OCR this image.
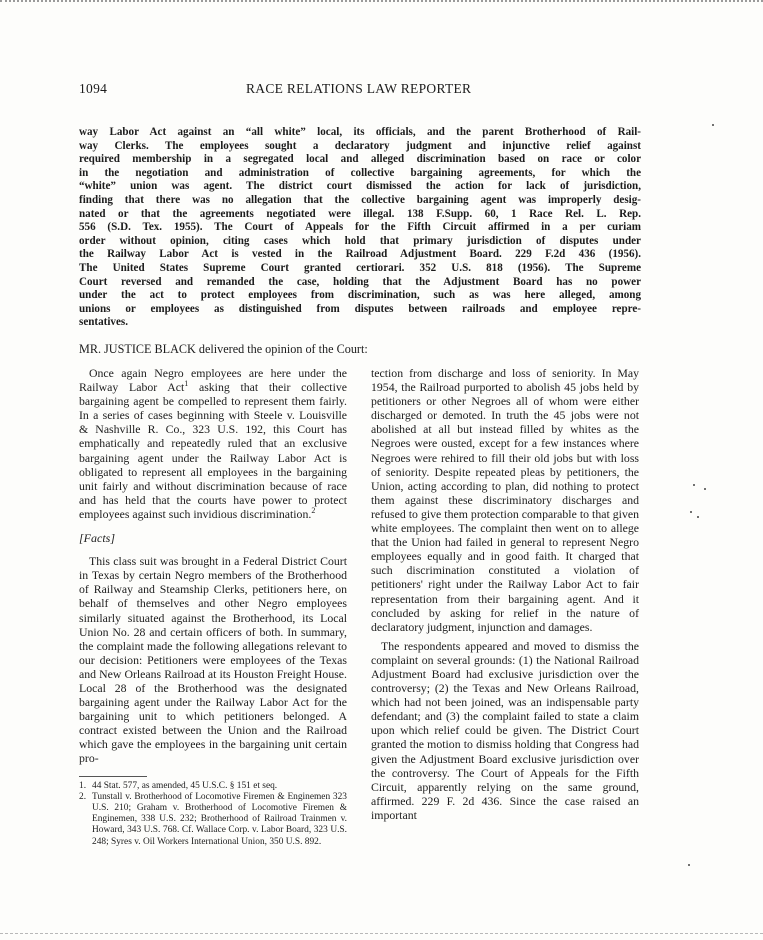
1094	RACE RELATIONS LAW REPORTER
way Labor Act against an “all white” local, its officials, and the parent Brotherhood of Rail-
way Clerks. The employees sought a declaratory judgment and injunctive relief against
required membership in a segregated local and alleged discrimination based on race or color
in the negotiation and administration of collective bargaining agreements, for which the
“white” union was agent. The district court dismissed the action for lack of jurisdiction,
finding that there was no allegation that the collective bargaining agent was improperly desig-
nated or that the agreements negotiated were illegal. 138 F.Supp. 60, 1 Race Rel. L. Rep.
556 (S.D. Tex. 1955). The Court of Appeals for the Fifth Circuit affirmed in a per curiam
order without opinion, citing cases which hold that primary jurisdiction of disputes under
the Railway Labor Act is vested in the Railroad Adjustment Board. 229 F.2d 436 (1956).
The United States Supreme Court granted certiorari. 352 U.S. 818 (1956). The Supreme
Court reversed and remanded the case, holding that the Adjustment Board has no power
under the act to protect employees from discrimination, such as was here alleged, among
unions or employees as distinguished from disputes between railroads and employee repre-
sentatives.
MR. JUSTICE BLACK delivered the opinion of the Court:

Once again Negro employees are here under the Railway Labor Act$^1$ asking that their collective bargaining agent be compelled to represent them fairly. In a series of cases beginning with Steele v. Louisville & Nashville R. Co., 323 U.S. 192, this Court has emphatically and repeatedly ruled that an exclusive bargaining agent under the Railway Labor Act is obligated to represent all employees in the bargaining unit fairly and without discrimination because of race and has held that the courts have power to protect employees against such invidious discrimination.$^2$

[Facts]

This class suit was brought in a Federal District Court in Texas by certain Negro members of the Brotherhood of Railway and Steamship Clerks, petitioners here, on behalf of themselves and other Negro employees similarly situated against the Brotherhood, its Local Union No. 28 and certain officers of both. In summary, the complaint made the following allegations relevant to our decision: Petitioners were employees of the Texas and New Orleans Railroad at its Houston Freight House. Local 28 of the Brotherhood was the designated bargaining agent under the Railway Labor Act for the bargaining unit to which petitioners belonged. A contract existed between the Union and the Railroad which gave the employees in the bargaining unit certain pro-

1. 44 Stat. 577, as amended, 45 U.S.C. § 151 et seq.
2. Tunstall v. Brotherhood of Locomotive Firemen & Enginemen 323 U.S. 210; Graham v. Brotherhood of Locomotive Firemen & Enginemen, 338 U.S. 232; Brotherhood of Railroad Trainmen v. Howard, 343 U.S. 768. Cf. Wallace Corp. v. Labor Board, 323 U.S. 248; Syres v. Oil Workers International Union, 350 U.S. 892.

tection from discharge and loss of seniority. In May 1954, the Railroad purported to abolish 45 jobs held by petitioners or other Negroes all of whom were either discharged or demoted. In truth the 45 jobs were not abolished at all but instead filled by whites as the Negroes were ousted, except for a few instances where Negroes were rehired to fill their old jobs but with loss of seniority. Despite repeated pleas by petitioners, the Union, acting according to plan, did nothing to protect them against these discriminatory discharges and refused to give them protection comparable to that given white employees. The complaint then went on to allege that the Union had failed in general to represent Negro employees equally and in good faith. It charged that such discrimination constituted a violation of petitioners' right under the Railway Labor Act to fair representation from their bargaining agent. And it concluded by asking for relief in the nature of declaratory judgment, injunction and damages.

The respondents appeared and moved to dismiss the complaint on several grounds: (1) the National Railroad Adjustment Board had exclusive jurisdiction over the controversy; (2) the Texas and New Orleans Railroad, which had not been joined, was an indispensable party defendant; and (3) the complaint failed to state a claim upon which relief could be given. The District Court granted the motion to dismiss holding that Congress had given the Adjustment Board exclusive jurisdiction over the controversy. The Court of Appeals for the Fifth Circuit, apparently relying on the same ground, affirmed. 229 F. 2d 436. Since the case raised an important
